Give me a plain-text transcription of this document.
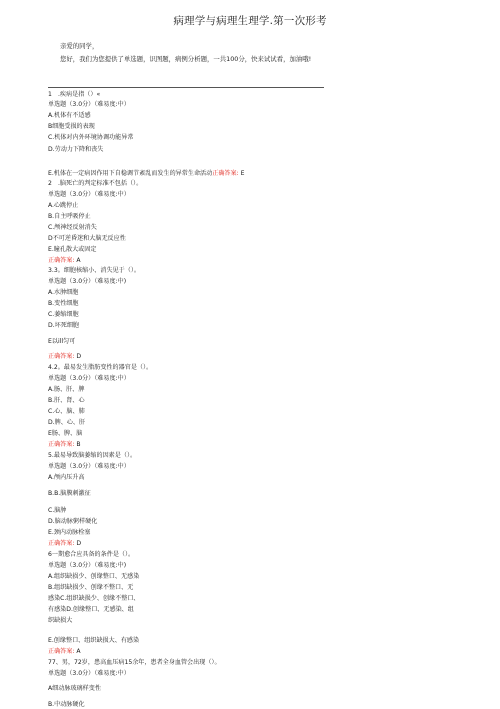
病理学与病理生理学.第一次形考

亲爱的同学，

您好，我们为您提供了单选题，识图题，病例分析题，一共100分，快来试试看，加油哦!

1　.疾病是指（）«
单选题（3.0分）（难易度:中）
A.机体有不适感
B细胞受损的表现
C.机体对内外环境协调功能异常
D.劳动力下降和丧失
E.机体在一定病因作用下自稳调节紊乱而发生的异常生命活动正确答案: E
2　.脑死亡的判定标准不包括（）。
单选题（3.0分）（难易度:中）
A.心跳停止
B.自主呼吸停止
C.颅神经反射消失
D不可逆昏迷和大脑无反应性
E.瞳孔散大或固定
正确答案: A
3.3。细胞核缩小、消失见于（）。
单选题（3.0分）（难易度:中)
A.水肿细胞
B.变性细胞
C.萎缩细胞
D.坏死细胞
E以ill匀可
正确答案: D
4.2。最易发生脂肪变性的器官是（）。
单选题（3.0分）（难易度:中）
A.肠、肝、脾
B.肝、肾、心
C.心、脑、肺
D.脾、心、肝
E肠、脾、脑
正确答案: B
5.最易导致脑萎缩的因素是（）。
单选题（3.0分）（难易度:中）
A.颅内压升高
B.B.脑膜刺激征
C.脑肿
D.脑动脉粥样硬化
E.颈内动脉栓塞
正确答案: D
6一期愈合应具备的条件是（）。
单选题（3.0分）（难易度:中)
A.组织缺损少、创缘整口、无感染
B.组织缺损少、创缘不整口、无
感染C.组织缺损少、创缘不整口、
有感染D.创缘整口、无感染、组
织缺损大
E.创缘整口、组织缺损大、有感染
正确答案: A
77、男，72岁，患高血压病15余年，患者全身血管会出现（）。
单选题（3.0分）（难易度:中）
A细动脉玻璃样变性
B.中动脉硬化
